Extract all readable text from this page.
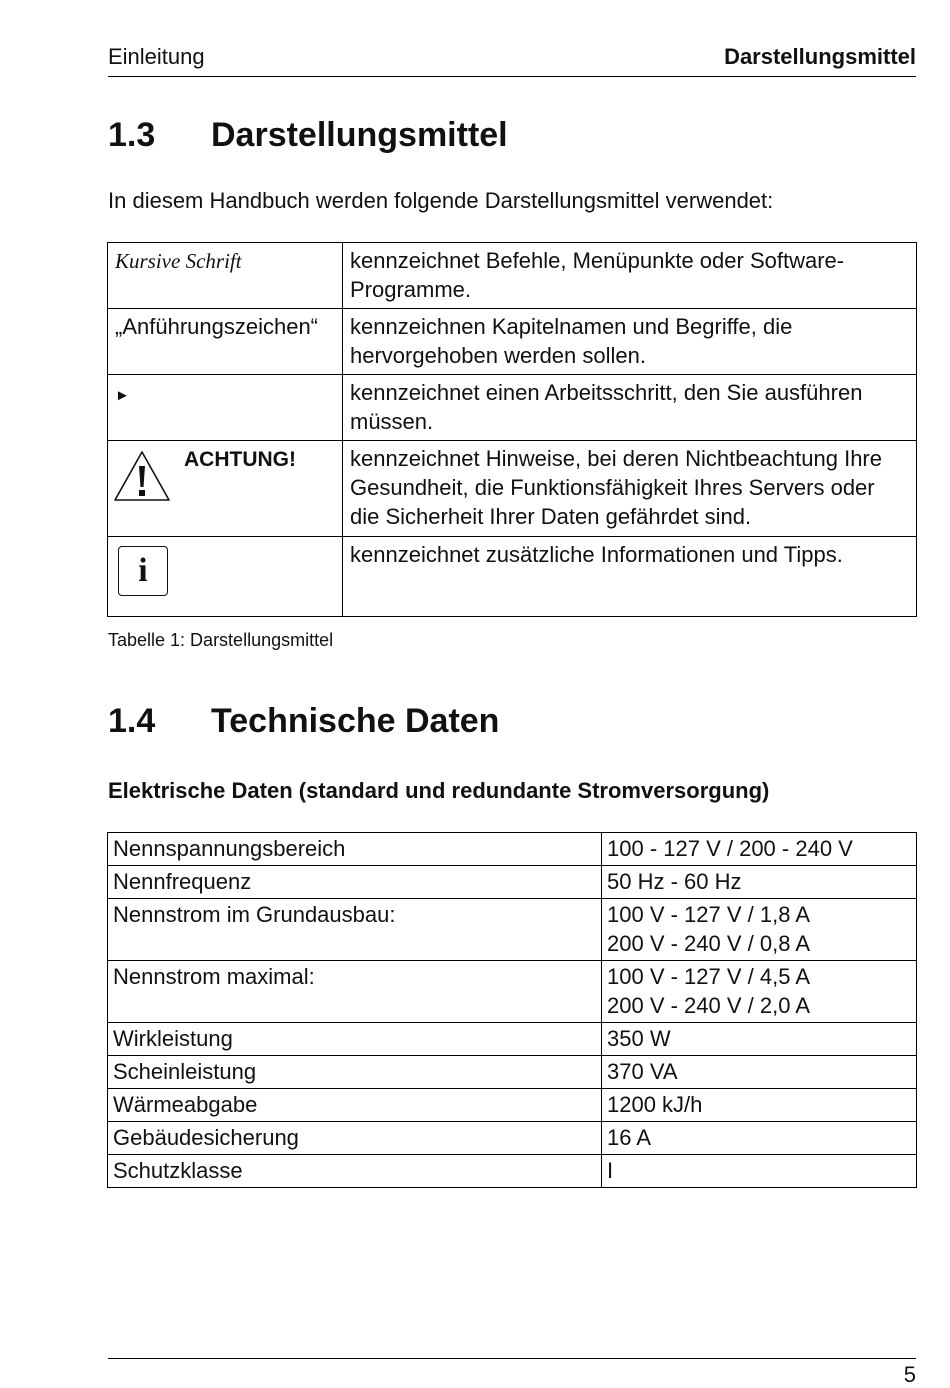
Einleitung	Darstellungsmittel
1.3 Darstellungsmittel
In diesem Handbuch werden folgende Darstellungsmittel verwendet:
Kursive Schrift	kennzeichnet Befehle, Menüpunkte oder Software-Programme.
„Anführungszeichen“	kennzeichnen Kapitelnamen und Begriffe, die hervorgehoben werden sollen.
►	kennzeichnet einen Arbeitsschritt, den Sie ausführen müssen.

ACHTUNG!	kennzeichnet Hinweise, bei deren Nichtbeachtung Ihre Gesundheit, die Funktionsfähigkeit Ihres Servers oder die Sicherheit Ihrer Daten gefährdet sind.
i	kennzeichnet zusätzliche Informationen und Tipps.
Tabelle 1: Darstellungsmittel
1.4 Technische Daten
Elektrische Daten (standard und redundante Stromversorgung)
Nennspannungsbereich	100 - 127 V / 200 - 240 V

Nennfrequenz	50 Hz - 60 Hz

Nennstrom im Grundausbau:	100 V - 127 V / 1,8 A
200 V - 240 V / 0,8 A

Nennstrom maximal:	100 V - 127 V / 4,5 A
200 V - 240 V / 2,0 A

Wirkleistung	350 W

Scheinleistung	370 VA

Wärmeabgabe	1200 kJ/h

Gebäudesicherung	16 A

Schutzklasse	I
5
